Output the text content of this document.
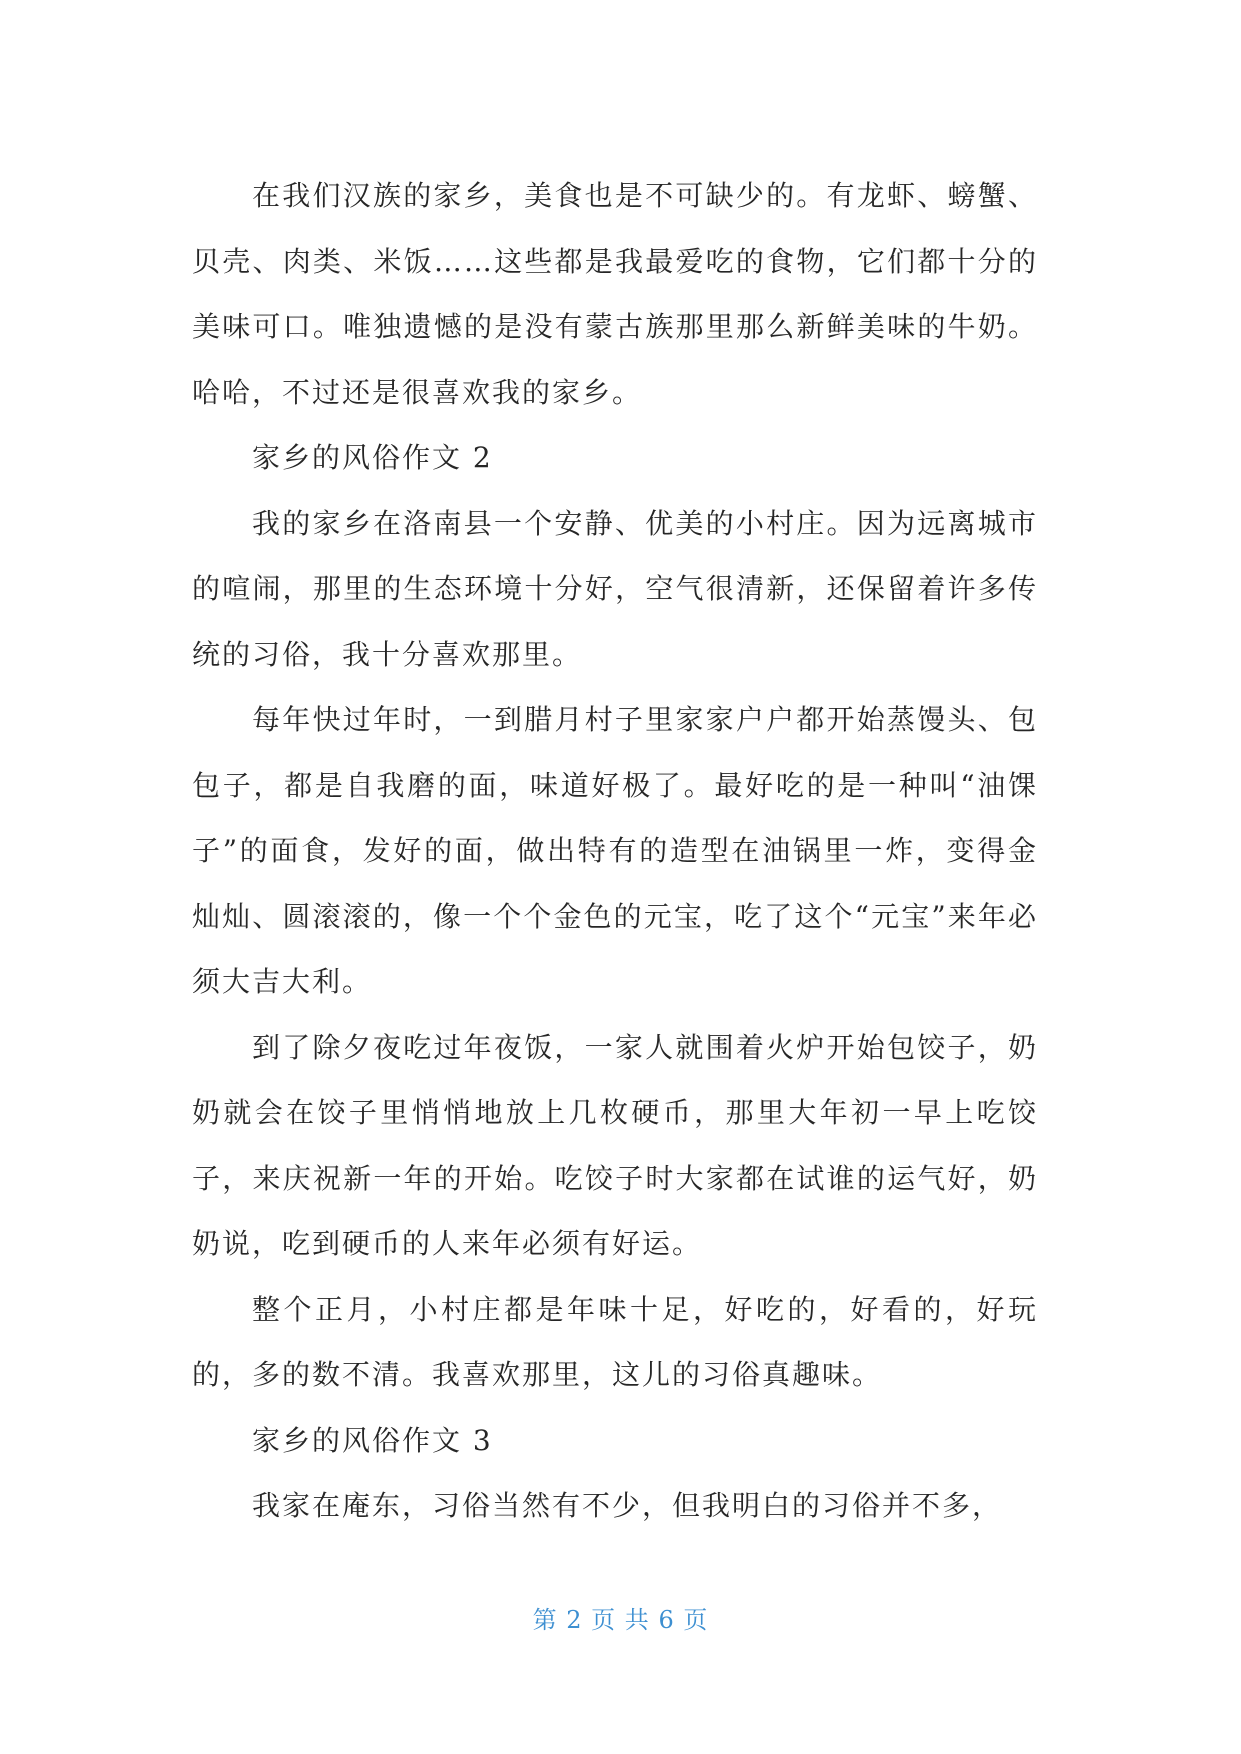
在我们汉族的家乡，美食也是不可缺少的。有龙虾、螃蟹、贝壳、肉类、米饭……这些都是我最爱吃的食物，它们都十分的美味可口。唯独遗憾的是没有蒙古族那里那么新鲜美味的牛奶。哈哈，不过还是很喜欢我的家乡。

家乡的风俗作文 2

我的家乡在洛南县一个安静、优美的小村庄。因为远离城市的喧闹，那里的生态环境十分好，空气很清新，还保留着许多传统的习俗，我十分喜欢那里。

每年快过年时，一到腊月村子里家家户户都开始蒸馒头、包包子，都是自我磨的面，味道好极了。最好吃的是一种叫“油馃子”的面食，发好的面，做出特有的造型在油锅里一炸，变得金灿灿、圆滚滚的，像一个个金色的元宝，吃了这个“元宝”来年必须大吉大利。

到了除夕夜吃过年夜饭，一家人就围着火炉开始包饺子，奶奶就会在饺子里悄悄地放上几枚硬币，那里大年初一早上吃饺子，来庆祝新一年的开始。吃饺子时大家都在试谁的运气好，奶奶说，吃到硬币的人来年必须有好运。

整个正月，小村庄都是年味十足，好吃的，好看的，好玩的，多的数不清。我喜欢那里，这儿的习俗真趣味。

家乡的风俗作文 3

我家在庵东，习俗当然有不少，但我明白的习俗并不多，

第 2 页 共 6 页
